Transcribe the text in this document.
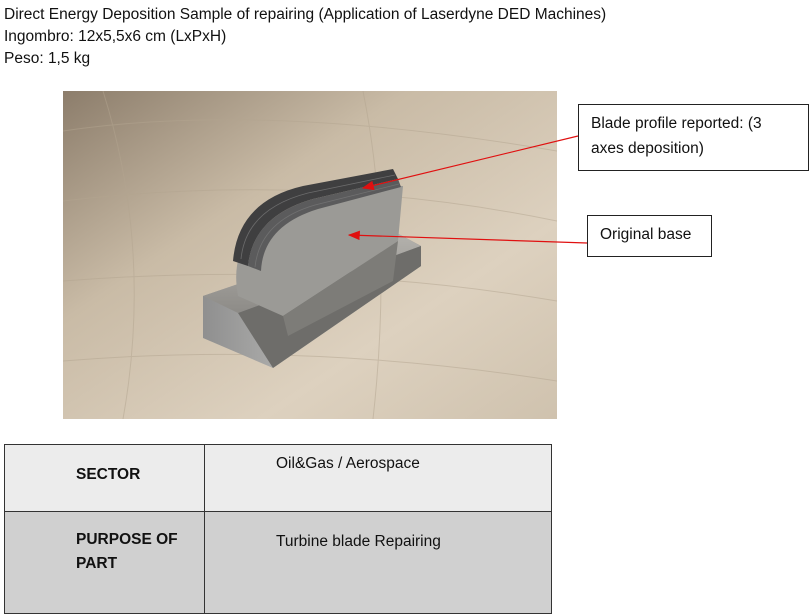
Direct Energy Deposition Sample of repairing (Application of Laserdyne DED Machines)
Ingombro: 12x5,5x6 cm (LxPxH)
Peso: 1,5 kg
Blade profile reported: (3 axes deposition)
Original base
SECTOR	Oil&Gas / Aerospace
PURPOSE OF PART	Turbine blade Repairing
